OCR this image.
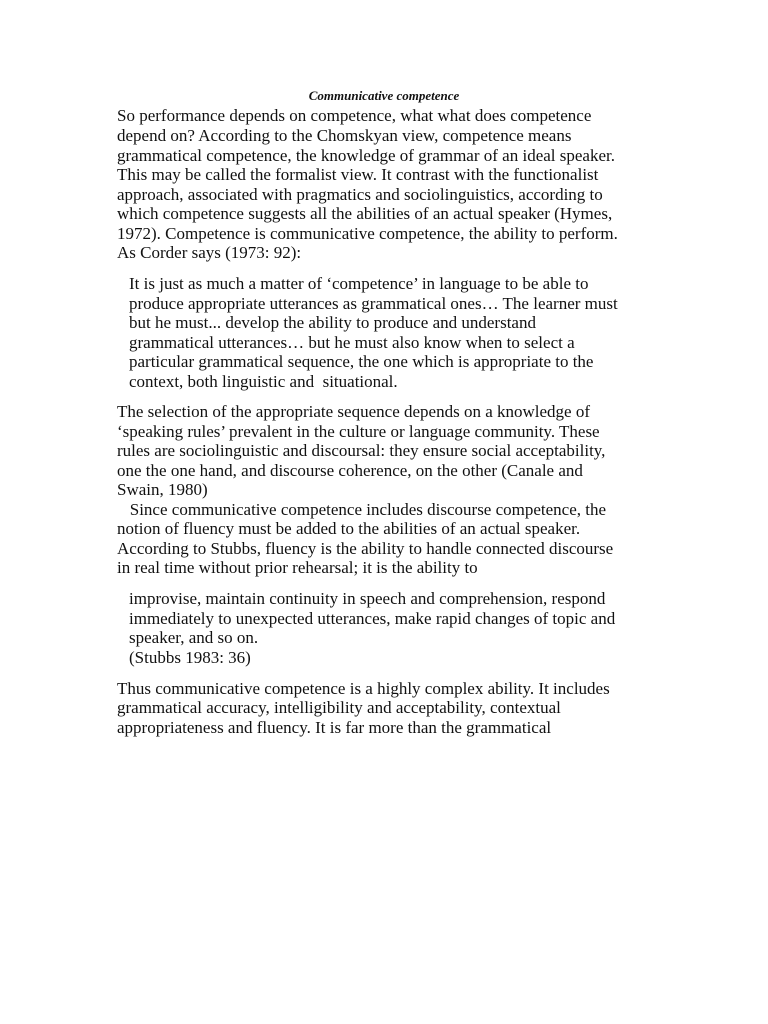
Communicative competence
So performance depends on competence, what what does competence
depend on? According to the Chomskyan view, competence means
grammatical competence, the knowledge of grammar of an ideal speaker.
This may be called the formalist view. It contrast with the functionalist
approach, associated with pragmatics and sociolinguistics, according to
which competence suggests all the abilities of an actual speaker (Hymes,
1972). Competence is communicative competence, the ability to perform.
As Corder says (1973: 92):
It is just as much a matter of ‘competence’ in language to be able to
produce appropriate utterances as grammatical ones… The learner must
but he must... develop the ability to produce and understand
grammatical utterances… but he must also know when to select a
particular grammatical sequence, the one which is appropriate to the
context, both linguistic and  situational.
The selection of the appropriate sequence depends on a knowledge of
‘speaking rules’ prevalent in the culture or language community. These
rules are sociolinguistic and discoursal: they ensure social acceptability,
one the one hand, and discourse coherence, on the other (Canale and
Swain, 1980)
Since communicative competence includes discourse competence, the
notion of fluency must be added to the abilities of an actual speaker.
According to Stubbs, fluency is the ability to handle connected discourse
in real time without prior rehearsal; it is the ability to
improvise, maintain continuity in speech and comprehension, respond
immediately to unexpected utterances, make rapid changes of topic and
speaker, and so on.
(Stubbs 1983: 36)
Thus communicative competence is a highly complex ability. It includes
grammatical accuracy, intelligibility and acceptability, contextual
appropriateness and fluency. It is far more than the grammatical
